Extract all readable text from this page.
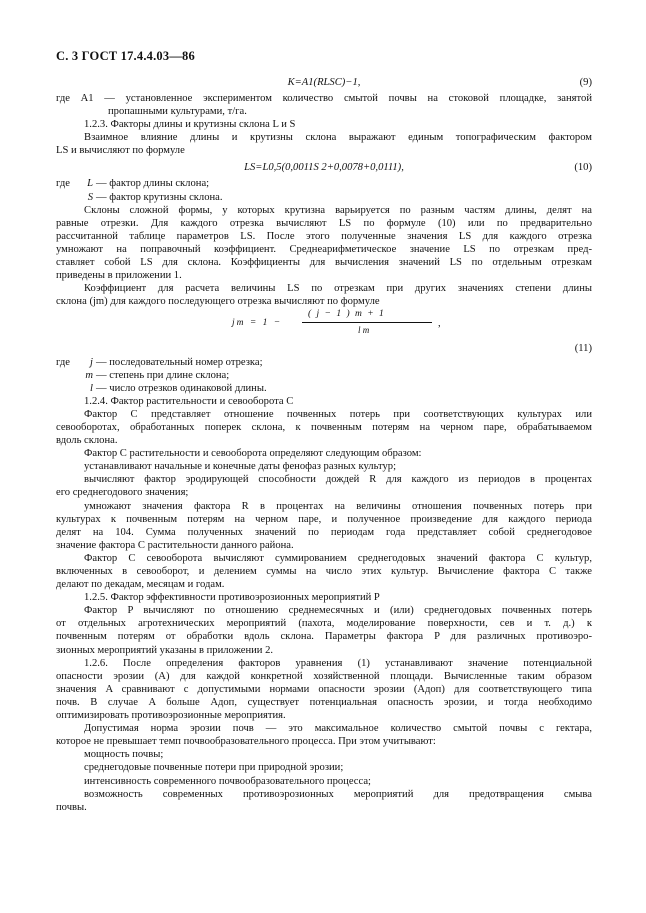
С. 3 ГОСТ 17.4.4.03—86
K=A1(RLSC)−1,	(9)
где A1 — установленное экспериментом количество смытой почвы на стоковой площадке, занятой
пропашными культурами, т/га.
1.2.3. Факторы длины и крутизны склона L и S
Взаимное влияние длины и крутизны склона выражают единым топографическим фактором
LS и вычисляют по формуле
LS=L0,5(0,0011S 2+0,0078+0,0111),	(10)
где	L — фактор длины склона;
S — фактор крутизны склона.
Склоны сложной формы, у которых крутизна варьируется по разным частям длины, делят на
равные отрезки. Для каждого отрезка вычисляют LS по формуле (10) или по предварительно
рассчитанной таблице параметров LS. После этого полученные значения LS для каждого отрезка
умножают на поправочный коэффициент. Среднеарифметическое значение LS по отрезкам пред-
ставляет собой LS для склона. Коэффициенты для вычисления значений LS по отдельным отрезкам
приведены в приложении 1.
Коэффициент для расчета величины LS по отрезкам при других значениях степени длины
склона (jm) для каждого последующего отрезка вычисляют по формуле
jm = 1 −
( j − 1 ) m + 1
l m
,
(11)
где	j — последовательный номер отрезка;
m — степень при длине склона;
l — число отрезков одинаковой длины.
1.2.4. Фактор растительности и севооборота C
Фактор C представляет отношение почвенных потерь при соответствующих культурах или
севооборотах, обработанных поперек склона, к почвенным потерям на черном паре, обрабатываемом
вдоль склона.
Фактор C растительности и севооборота определяют следующим образом:
устанавливают начальные и конечные даты фенофаз разных культур;
вычисляют фактор эродирующей способности дождей R для каждого из периодов в процентах
его среднегодового значения;
умножают значения фактора R в процентах на величины отношения почвенных потерь при
культурах к почвенным потерям на черном паре, и полученное произведение для каждого периода
делят на 104. Сумма полученных значений по периодам года представляет собой среднегодовое
значение фактора C растительности данного района.
Фактор C севооборота вычисляют суммированием среднегодовых значений фактора C культур,
включенных в севооборот, и делением суммы на число этих культур. Вычисление фактора C также
делают по декадам, месяцам и годам.
1.2.5. Фактор эффективности противоэрозионных мероприятий P
Фактор P вычисляют по отношению среднемесячных и (или) среднегодовых почвенных потерь
от отдельных агротехнических мероприятий (пахота, моделирование поверхности, сев и т. д.) к
почвенным потерям от обработки вдоль склона. Параметры фактора P для различных противоэро-
зионных мероприятий указаны в приложении 2.
1.2.6. После определения факторов уравнения (1) устанавливают значение потенциальной
опасности эрозии (A) для каждой конкретной хозяйственной площади. Вычисленные таким образом
значения A сравнивают с допустимыми нормами опасности эрозии (Aдоп) для соответствующего типа
почв. В случае A больше Aдоп, существует потенциальная опасность эрозии, и тогда необходимо
оптимизировать противоэрозионные мероприятия.
Допустимая норма эрозии почв — это максимальное количество смытой почвы с гектара,
которое не превышает темп почвообразовательного процесса. При этом учитывают:
мощность почвы;
среднегодовые почвенные потери при природной эрозии;
интенсивность современного почвообразовательного процесса;
возможность современных противоэрозионных мероприятий для предотвращения смыва
почвы.
